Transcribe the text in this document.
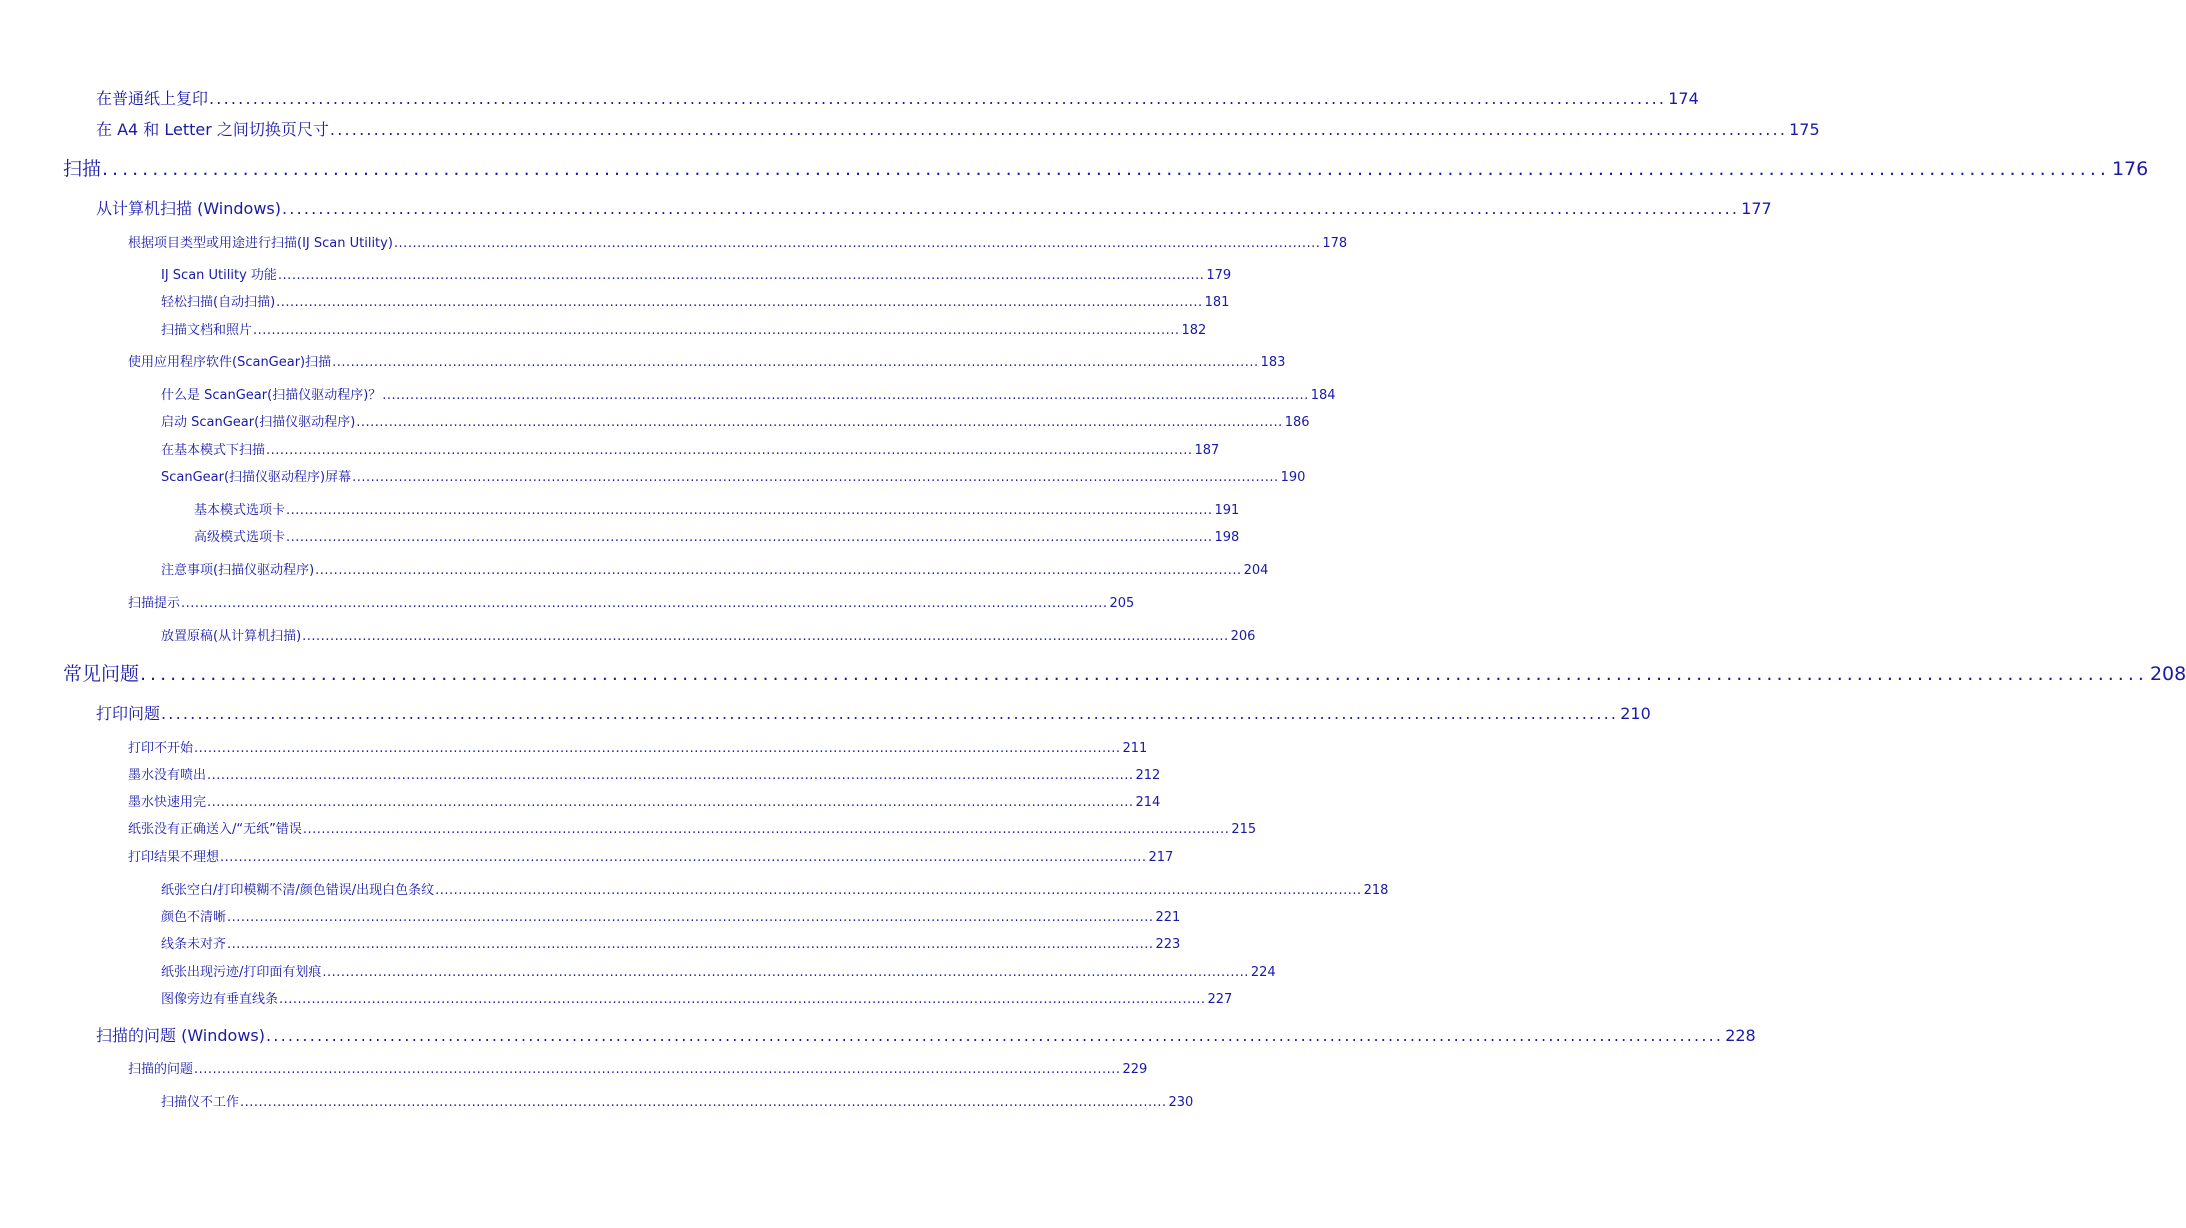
在普通纸上复印 ........................................................................................................................................................................................................ 174
在 A4 和 Letter 之间切换页尺寸 ........................................................................................................................................................................................................ 175
扫描 ........................................................................................................................................................................................................ 176
从计算机扫描 (Windows) ........................................................................................................................................................................................................ 177
根据项目类型或用途进行扫描(IJ Scan Utility) ........................................................................................................................................................................................................ 178
IJ Scan Utility 功能 ........................................................................................................................................................................................................ 179
轻松扫描(自动扫描) ........................................................................................................................................................................................................ 181
扫描文档和照片 ........................................................................................................................................................................................................ 182
使用应用程序软件(ScanGear)扫描 ........................................................................................................................................................................................................ 183
什么是 ScanGear(扫描仪驱动程序)？ ........................................................................................................................................................................................................ 184
启动 ScanGear(扫描仪驱动程序) ........................................................................................................................................................................................................ 186
在基本模式下扫描 ........................................................................................................................................................................................................ 187
ScanGear(扫描仪驱动程序)屏幕 ........................................................................................................................................................................................................ 190
基本模式选项卡 ........................................................................................................................................................................................................ 191
高级模式选项卡 ........................................................................................................................................................................................................ 198
注意事项(扫描仪驱动程序) ........................................................................................................................................................................................................ 204
扫描提示 ........................................................................................................................................................................................................ 205
放置原稿(从计算机扫描) ........................................................................................................................................................................................................ 206
常见问题 ........................................................................................................................................................................................................ 208
打印问题 ........................................................................................................................................................................................................ 210
打印不开始 ........................................................................................................................................................................................................ 211
墨水没有喷出 ........................................................................................................................................................................................................ 212
墨水快速用完 ........................................................................................................................................................................................................ 214
纸张没有正确送入/“无纸”错误 ........................................................................................................................................................................................................ 215
打印结果不理想 ........................................................................................................................................................................................................ 217
纸张空白/打印模糊不清/颜色错误/出现白色条纹 ........................................................................................................................................................................................................ 218
颜色不清晰 ........................................................................................................................................................................................................ 221
线条未对齐 ........................................................................................................................................................................................................ 223
纸张出现污迹/打印面有划痕 ........................................................................................................................................................................................................ 224
图像旁边有垂直线条 ........................................................................................................................................................................................................ 227
扫描的问题 (Windows) ........................................................................................................................................................................................................ 228
扫描的问题 ........................................................................................................................................................................................................ 229
扫描仪不工作 ........................................................................................................................................................................................................ 230
